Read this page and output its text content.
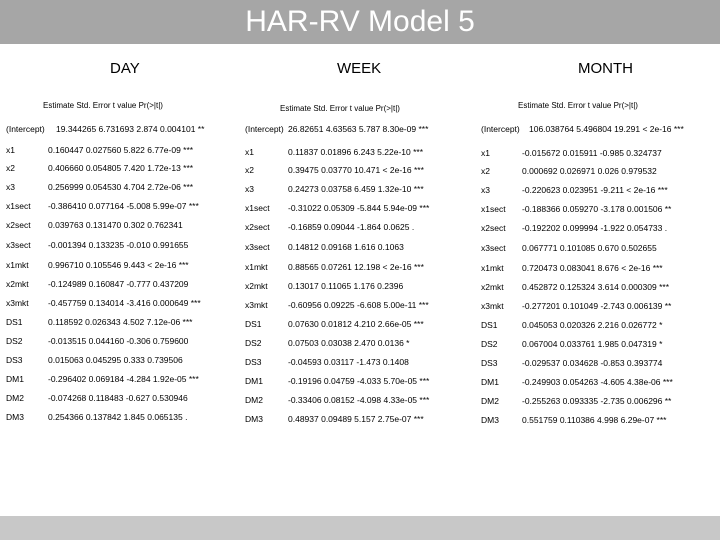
HAR-RV Model 5
DAY
Estimate Std. Error t value Pr(>|t|)
(Intercept) 19.344265 6.731693 2.874 0.004101 **
x1	0.160447 0.027560 5.822 6.77e-09 ***
x2	0.406660 0.054805 7.420 1.72e-13 ***
x3	0.256999 0.054530 4.704 2.72e-06 ***
x1sect -0.386410 0.077164 -5.008 5.99e-07 ***
x2sect 0.039763 0.131470 0.302 0.762341
x3sect -0.001394 0.133235 -0.010 0.991655
x1mkt 0.996710 0.105546 9.443 < 2e-16 ***
x2mkt -0.124989 0.160847 -0.777 0.437209
x3mkt -0.457759 0.134014 -3.416 0.000649 ***
DS1	0.118592 0.026343 4.502 7.12e-06 ***
DS2	-0.013515 0.044160 -0.306 0.759600
DS3	0.015063 0.045295 0.333 0.739506
DM1	-0.296402 0.069184 -4.284 1.92e-05 ***
DM2	-0.074268 0.118483 -0.627 0.530946
DM3	0.254366 0.137842 1.845 0.065135 .
WEEK
Estimate Std. Error t value Pr(>|t|)
(Intercept) 26.82651 4.63563 5.787 8.30e-09 ***
x1	0.11837 0.01896 6.243 5.22e-10 ***
x2	0.39475 0.03770 10.471 < 2e-16 ***
x3	0.24273 0.03758 6.459 1.32e-10 ***
x1sect -0.31022 0.05309 -5.844 5.94e-09 ***
x2sect -0.16859 0.09044 -1.864 0.0625 .
x3sect 0.14812 0.09168 1.616 0.1063
x1mkt 0.88565 0.07261 12.198 < 2e-16 ***
x2mkt 0.13017 0.11065 1.176 0.2396
x3mkt -0.60956 0.09225 -6.608 5.00e-11 ***
DS1	0.07630 0.01812 4.210 2.66e-05 ***
DS2	0.07503 0.03038 2.470 0.0136 *
DS3	-0.04593 0.03117 -1.473 0.1408
DM1	-0.19196 0.04759 -4.033 5.70e-05 ***
DM2	-0.33406 0.08152 -4.098 4.33e-05 ***
DM3	0.48937 0.09489 5.157 2.75e-07 ***
MONTH
Estimate Std. Error t value Pr(>|t|)
(Intercept) 106.038764 5.496804 19.291 < 2e-16 ***
x1	-0.015672 0.015911 -0.985 0.324737
x2	0.000692 0.026971 0.026 0.979532
x3	-0.220623 0.023951 -9.211 < 2e-16 ***
x1sect -0.188366 0.059270 -3.178 0.001506 **
x2sect -0.192202 0.099994 -1.922 0.054733 .
x3sect 0.067771 0.101085 0.670 0.502655
x1mkt 0.720473 0.083041 8.676 < 2e-16 ***
x2mkt 0.452872 0.125324 3.614 0.000309 ***
x3mkt -0.277201 0.101049 -2.743 0.006139 **
DS1	0.045053 0.020326 2.216 0.026772 *
DS2	0.067004 0.033761 1.985 0.047319 *
DS3	-0.029537 0.034628 -0.853 0.393774
DM1	-0.249903 0.054263 -4.605 4.38e-06 ***
DM2	-0.255263 0.093335 -2.735 0.006296 **
DM3	0.551759 0.110386 4.998 6.29e-07 ***
